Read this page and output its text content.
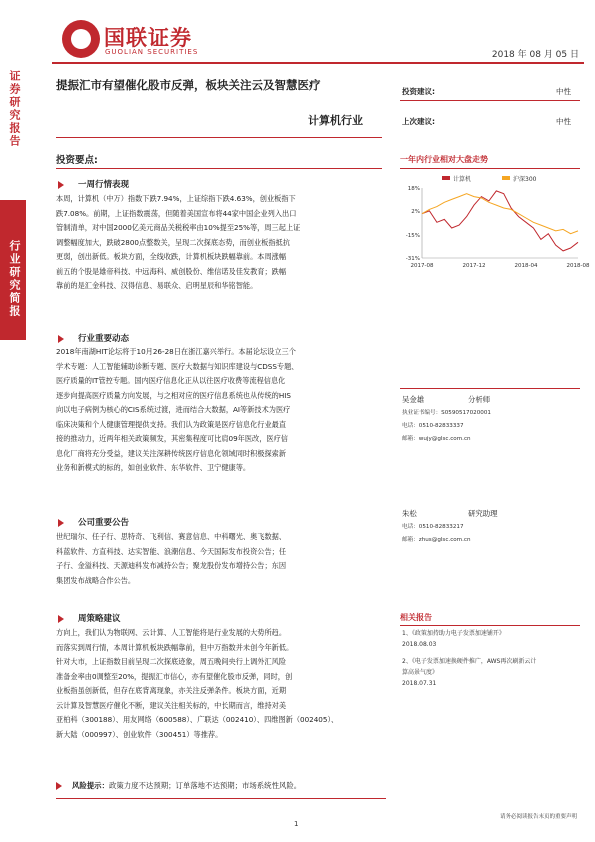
国联证券
GUOLIAN SECURITIES	2018 年 08 月 05 日
证券研究报告
行业研究简报
提振汇市有望催化股市反弹，板块关注云及智慧医疗
计算机行业
投资建议:	中性
上次建议:	中性
投资要点:
一周行情表现
本周，计算机（中万）指数下跌7.94%，上证综指下跌4.63%，创业板指下
跌7.08%。前期，上证指数震荡，但随着美国宣布将44家中国企业列入出口
管制清单，对中国2000亿美元商品关税税率由10%提至25%等，周三起上证
调整幅度加大，跌破2800点整数关，呈现二次探底态势，而创业板指抵抗
更弱，创出新低。板块方面，全线收跌，计算机板块跌幅靠前。本周涨幅
前五的个股是雄帝科技、中远海科、威创股份、维信诺及佳发教育；跌幅
靠前的是汇金科技、汉得信息、易联众、启明星辰和华铭智能。
行业重要动态
2018年南湖HIT论坛将于10月26-28日在浙江嘉兴举行。本届论坛设立三个
学术专题：人工智能辅助诊断专题、医疗大数据与知识库建设与CDSS专题、
医疗质量的IT管控专题。国内医疗信息化正从以往医疗收费等流程信息化
逐步向提高医疗质量方向发展，与之相对应的医疗信息系统也从传统的HIS
向以电子病例为核心的CIS系统过渡，进而结合大数据，AI等新技术为医疗
临床决策和个人健康管理提供支持。我们认为政策是医疗信息化行业最直
接的推动力，近两年相关政策频发，其密集程度可比肩09年医改，医疗信
息化厂商将充分受益，建议关注深耕传统医疗信息化领域同时积极探索新
业务和新模式的标的，如创业软件、东华软件、卫宁健康等。
公司重要公告
世纪瑞尔、任子行、思特奇、飞利信、赛意信息、中科曙光、奥飞数据、
科蓝软件、方直科技、达实智能、浪潮信息、今天国际发布投资公告；任
子行、金溢科技、天源迪科发布减持公告；聚龙股份发布增持公告；东因
集团发布战略合作公告。
周策略建议
方向上，我们认为物联网、云计算、人工智能将是行业发展的大势所趋。
而落实到周行情，本周计算机板块跌幅靠前，但中万指数并未创今年新低。
针对大市，上证指数目前呈现二次探底迹象，周五晚间央行上调外汇风险
准备金率由0调整至20%，提振汇市信心，亦有望催化股市反弹，同时，创
业板指虽创新低，但存在底背离现象，亦关注反弹条件。板块方面，近期
云计算及智慧医疗催化不断，建议关注相关标的，中长期而言，维持对美
亚柏科（300188）、用友网络（600588）、广联达（002410）、四维图新（002405）、
新大陆（000997）、创业软件（300451）等推荐。
风险提示：政策力度不达预期；订单落地不达预期；市场系统性风险。
一年内行业相对大盘走势
计算机	沪深300
18%
2%
-15%
-31%
2017-08	2017-12	2018-04	2018-08
吴金雄	分析师
执业证书编号：S0590517020001
电话：0510-82833337
邮箱：wujy@glsc.com.cn
朱松	研究助理
电话：0510-82833217
邮箱：zhus@glsc.com.cn
相关报告
1、《政策加持助力电子发票加速铺开》
2018.08.03
2、《电子发票加速换硬件推广，AWS再次刷新云计
算高景气度》
2018.07.31
1
请务必阅读报告末页的重要声明
